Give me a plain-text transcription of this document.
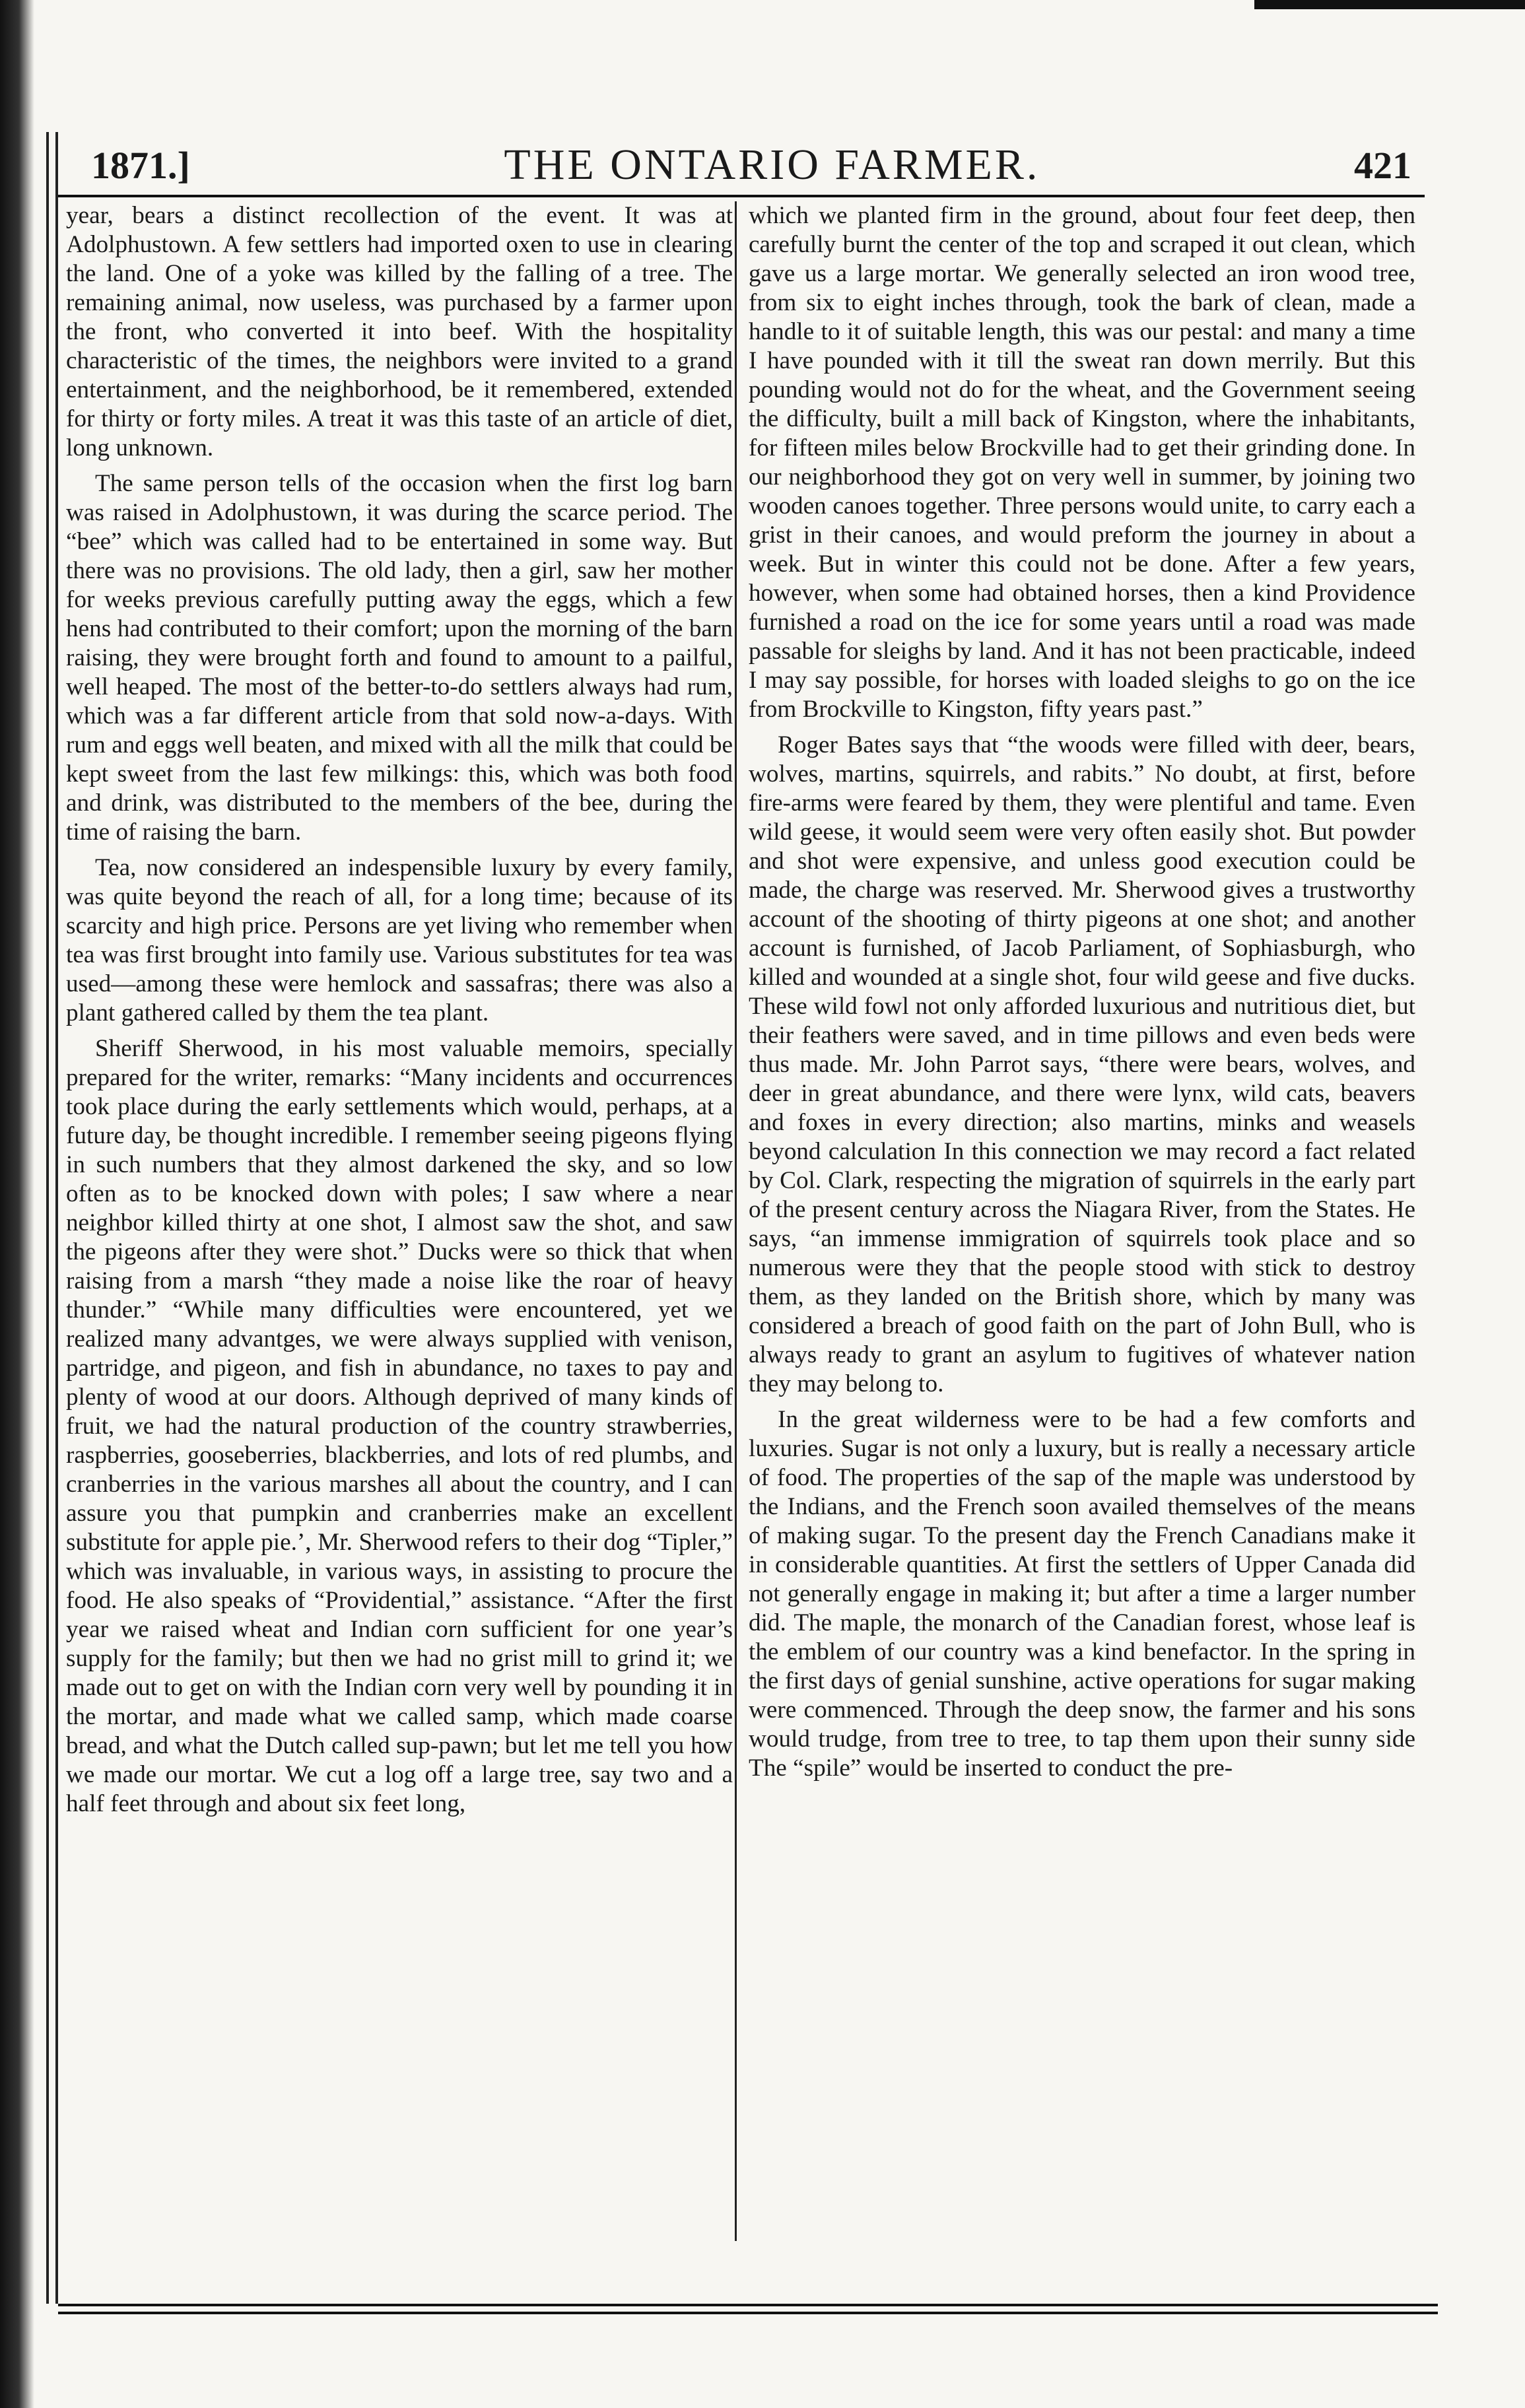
1871.]	THE ONTARIO FARMER.	421

year, bears a distinct recollection of the event. It was at Adolphustown. A few settlers had imported oxen to use in clearing the land. One of a yoke was killed by the falling of a tree. The remaining animal, now useless, was purchased by a farmer upon the front, who converted it into beef. With the hospitality characteristic of the times, the neighbors were invited to a grand entertainment, and the neighborhood, be it remembered, extended for thirty or forty miles. A treat it was this taste of an article of diet, long unknown.

The same person tells of the occasion when the first log barn was raised in Adolphustown, it was during the scarce period. The “bee” which was called had to be entertained in some way. But there was no provisions. The old lady, then a girl, saw her mother for weeks previous carefully putting away the eggs, which a few hens had contributed to their comfort; upon the morning of the barn raising, they were brought forth and found to amount to a pailful, well heaped. The most of the better-to-do settlers always had rum, which was a far different article from that sold now-a-days. With rum and eggs well beaten, and mixed with all the milk that could be kept sweet from the last few milkings: this, which was both food and drink, was distributed to the members of the bee, during the time of raising the barn.

Tea, now considered an indespensible luxury by every family, was quite beyond the reach of all, for a long time; because of its scarcity and high price. Persons are yet living who remember when tea was first brought into family use. Various substitutes for tea was used—among these were hemlock and sassafras; there was also a plant gathered called by them the tea plant.

Sheriff Sherwood, in his most valuable memoirs, specially prepared for the writer, remarks: “Many incidents and occurrences took place during the early settlements which would, perhaps, at a future day, be thought incredible. I remember seeing pigeons flying in such numbers that they almost darkened the sky, and so low often as to be knocked down with poles; I saw where a near neighbor killed thirty at one shot, I almost saw the shot, and saw the pigeons after they were shot.” Ducks were so thick that when raising from a marsh “they made a noise like the roar of heavy thunder.” “While many difficulties were encountered, yet we realized many advantges, we were always supplied with venison, partridge, and pigeon, and fish in abundance, no taxes to pay and plenty of wood at our doors. Although deprived of many kinds of fruit, we had the natural production of the country strawberries, raspberries, gooseberries, blackberries, and lots of red plumbs, and cranberries in the various marshes all about the country, and I can assure you that pumpkin and cranberries make an excellent substitute for apple pie.’, Mr. Sherwood refers to their dog “Tipler,” which was invaluable, in various ways, in assisting to procure the food. He also speaks of “Providential,” assistance. “After the first year we raised wheat and Indian corn sufficient for one year’s supply for the family; but then we had no grist mill to grind it; we made out to get on with the Indian corn very well by pounding it in the mortar, and made what we called samp, which made coarse bread, and what the Dutch called sup-pawn; but let me tell you how we made our mortar. We cut a log off a large tree, say two and a half feet through and about six feet long,

which we planted firm in the ground, about four feet deep, then carefully burnt the center of the top and scraped it out clean, which gave us a large mortar. We generally selected an iron wood tree, from six to eight inches through, took the bark of clean, made a handle to it of suitable length, this was our pestal: and many a time I have pounded with it till the sweat ran down merrily. But this pounding would not do for the wheat, and the Government seeing the difficulty, built a mill back of Kingston, where the inhabitants, for fifteen miles below Brockville had to get their grinding done. In our neighborhood they got on very well in summer, by joining two wooden canoes together. Three persons would unite, to carry each a grist in their canoes, and would preform the journey in about a week. But in winter this could not be done. After a few years, however, when some had obtained horses, then a kind Providence furnished a road on the ice for some years until a road was made passable for sleighs by land. And it has not been practicable, indeed I may say possible, for horses with loaded sleighs to go on the ice from Brockville to Kingston, fifty years past.”

Roger Bates says that “the woods were filled with deer, bears, wolves, martins, squirrels, and rabits.” No doubt, at first, before fire-arms were feared by them, they were plentiful and tame. Even wild geese, it would seem were very often easily shot. But powder and shot were expensive, and unless good execution could be made, the charge was reserved. Mr. Sherwood gives a trustworthy account of the shooting of thirty pigeons at one shot; and another account is furnished, of Jacob Parliament, of Sophiasburgh, who killed and wounded at a single shot, four wild geese and five ducks. These wild fowl not only afforded luxurious and nutritious diet, but their feathers were saved, and in time pillows and even beds were thus made. Mr. John Parrot says, “there were bears, wolves, and deer in great abundance, and there were lynx, wild cats, beavers and foxes in every direction; also martins, minks and weasels beyond calculation In this connection we may record a fact related by Col. Clark, respecting the migration of squirrels in the early part of the present century across the Niagara River, from the States. He says, “an immense immigration of squirrels took place and so numerous were they that the people stood with stick to destroy them, as they landed on the British shore, which by many was considered a breach of good faith on the part of John Bull, who is always ready to grant an asylum to fugitives of whatever nation they may belong to.

In the great wilderness were to be had a few comforts and luxuries. Sugar is not only a luxury, but is really a necessary article of food. The properties of the sap of the maple was understood by the Indians, and the French soon availed themselves of the means of making sugar. To the present day the French Canadians make it in considerable quantities. At first the settlers of Upper Canada did not generally engage in making it; but after a time a larger number did. The maple, the monarch of the Canadian forest, whose leaf is the emblem of our country was a kind benefactor. In the spring in the first days of genial sunshine, active operations for sugar making were commenced. Through the deep snow, the farmer and his sons would trudge, from tree to tree, to tap them upon their sunny side The “spile” would be inserted to conduct the pre-
